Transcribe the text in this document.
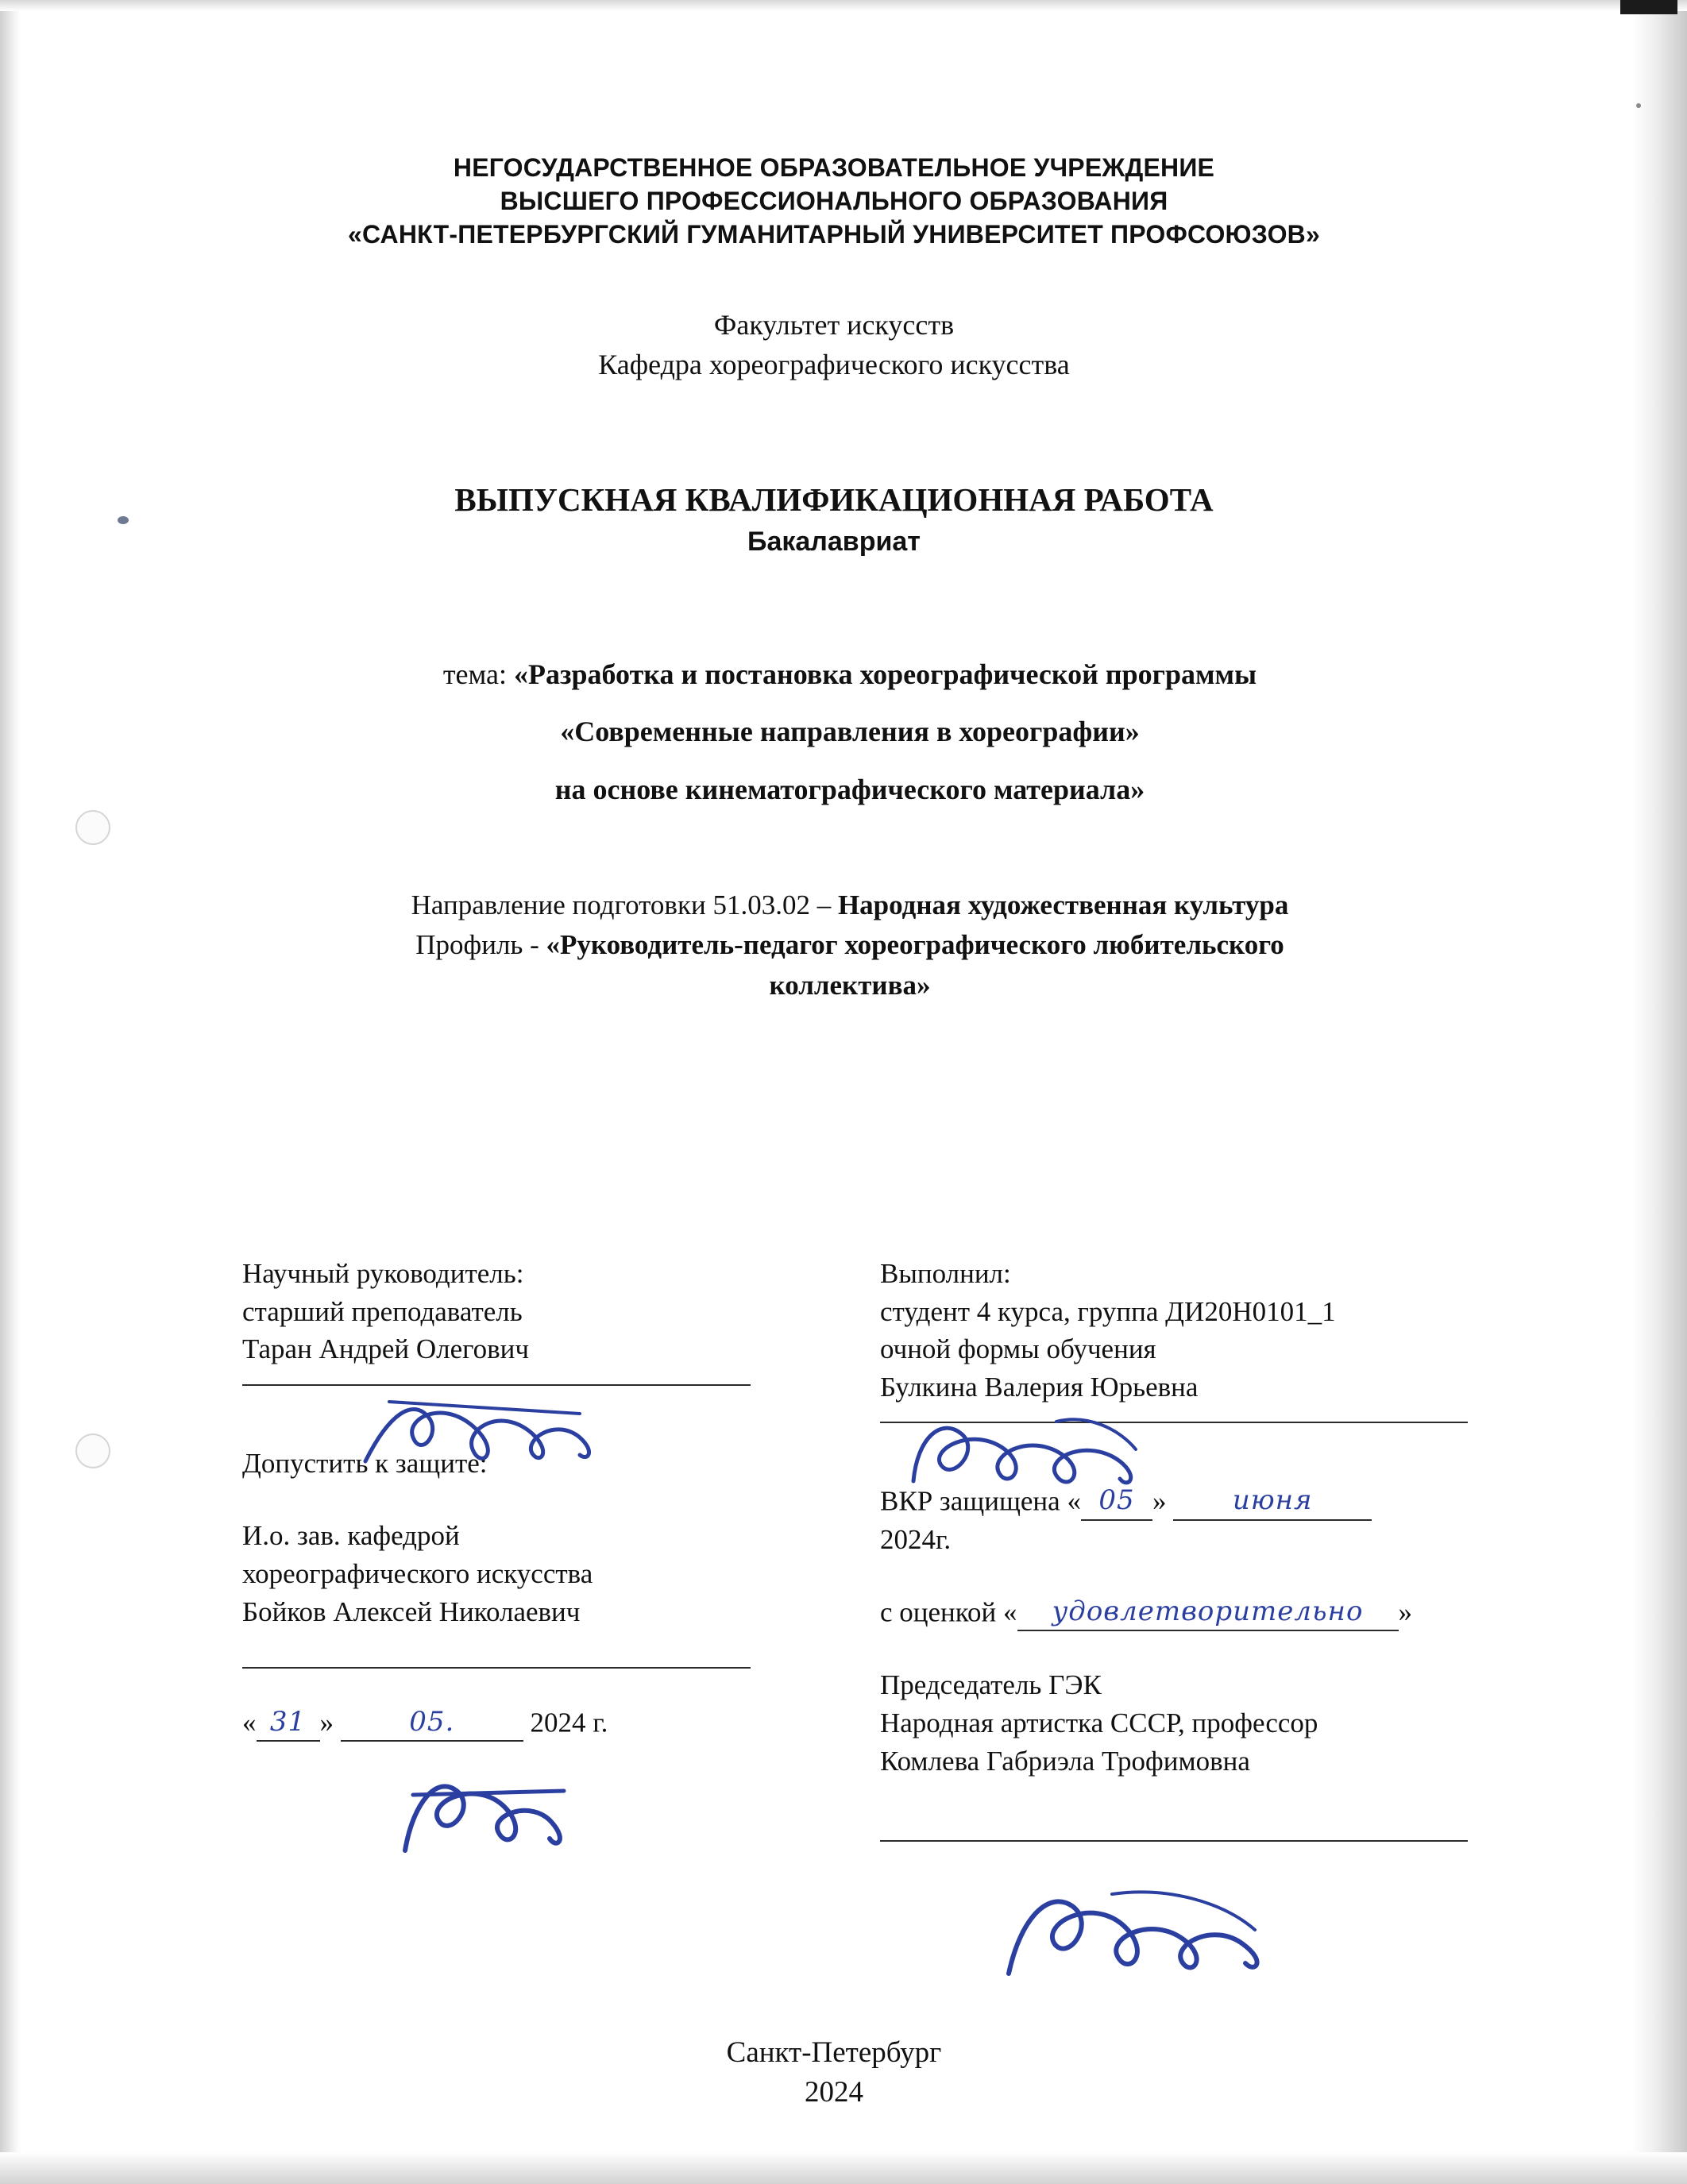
НЕГОСУДАРСТВЕННОЕ ОБРАЗОВАТЕЛЬНОЕ УЧРЕЖДЕНИЕ
ВЫСШЕГО ПРОФЕССИОНАЛЬНОГО ОБРАЗОВАНИЯ
«САНКТ-ПЕТЕРБУРГСКИЙ ГУМАНИТАРНЫЙ УНИВЕРСИТЕТ ПРОФСОЮЗОВ»
Факультет искусств
Кафедра хореографического искусства
ВЫПУСКНАЯ КВАЛИФИКАЦИОННАЯ РАБОТА
Бакалавриат
тема: «Разработка и постановка хореографической программы
«Современные направления в хореографии»
на основе кинематографического материала»
Направление подготовки 51.03.02 – Народная художественная культура
Профиль - «Руководитель-педагог хореографического любительского
коллектива»
Научный руководитель:
старший преподаватель
Таран Андрей Олегович
Допустить к защите:
И.о. зав. кафедрой
хореографического искусства
Бойков Алексей Николаевич
« 31 »	05.	2024 г.
Выполнил:
студент 4 курса, группа ДИ20Н0101_1
очной формы обучения
Булкина Валерия Юрьевна
ВКР защищена « 05 » июня
2024г.
с оценкой « удовлетворительно »
Председатель ГЭК
Народная артистка СССР, профессор
Комлева Габриэла Трофимовна
Санкт-Петербург
2024
